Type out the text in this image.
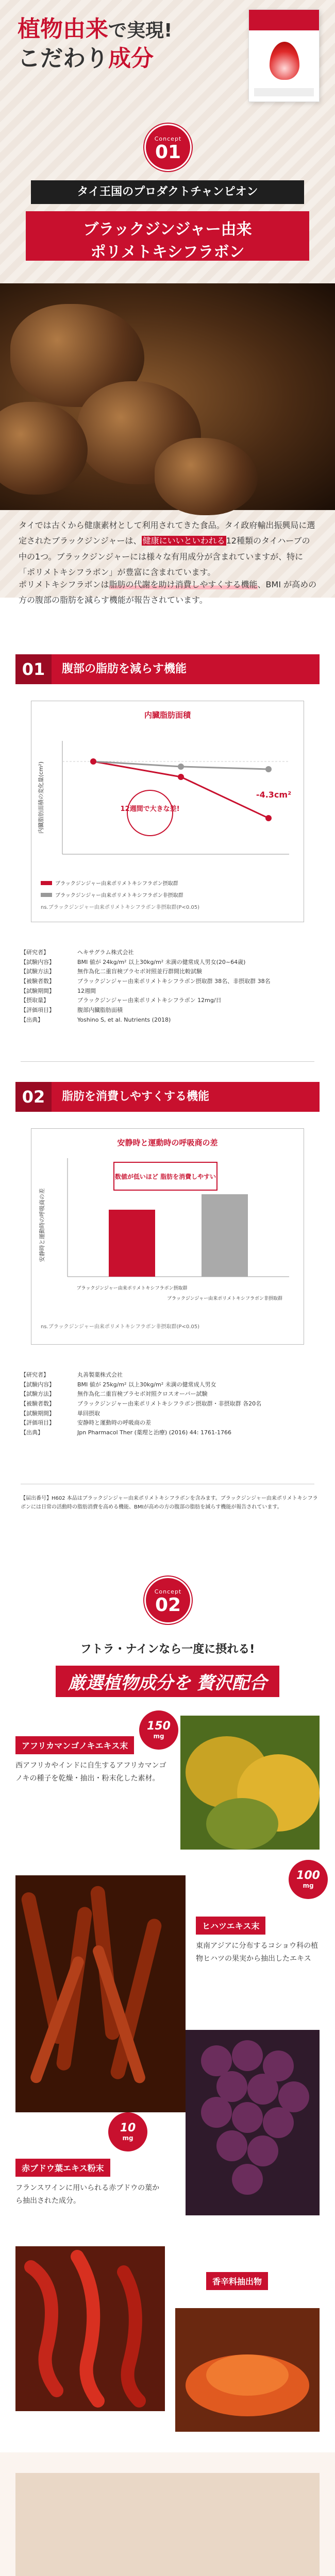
植物由来で実現!
こだわり成分
Concept
01
タイ王国のプロダクトチャンピオン
ブラックジンジャー由来
ポリメトキシフラボン

タイでは古くから健康素材として利用されてきた食品。タイ政府輸出振興局に選定されたブラックジンジャーは、 健康にいいといわれる 12種類のタイハーブの中の1つ。ブラックジンジャーには様々な有用成分が含まれていますが、特に「ポリメトキシフラボン」が豊富に含まれています。

ポリメトキシフラボンは脂肪の代謝を助け消費しやすくする機能、BMI が高めの方の腹部の脂肪を減らす機能が報告されています。

01	腹部の脂肪を減らす機能
内臓脂肪面積
内臓脂肪面積の変化量(cm²)	12週間で大きな差!
-4.3cm²
ブラックジンジャー由来ポリメトキシフラボン摂取群
ブラックジンジャー由来ポリメトキシフラボン非摂取群
ns.ブラックジンジャー由来ポリメトキシフラボン非摂取群(P<0.05)
【研究者】	ヘキサグラム株式会社
【試験内容】	BMI 値が 24kg/m² 以上30kg/m² 未満の健常成人男女(20~64歳)
【試験方法】	無作為化二重盲検プラセボ対照並行群間比較試験
【被験者数】	ブラックジンジャー由来ポリメトキシフラボン摂取群 38名、非摂取群 38名
【試験期間】	12週間
【摂取量】	ブラックジンジャー由来ポリメトキシフラボン 12mg/日
【評価項目】	腹部内臓脂肪面積
【出典】	Yoshino S, et al. Nutrients (2018)
02	脂肪を消費しやすくする機能
安静時と運動時の呼吸商の差
安静時と運動時の呼吸商の差
数値が低いほど 脂肪を消費しやすい
ブラックジンジャー由来ポリメトキシフラボン摂取群
ブラックジンジャー由来ポリメトキシフラボン非摂取群
ns.ブラックジンジャー由来ポリメトキシフラボン非摂取群(P<0.05)
【研究者】	丸善製薬株式会社
【試験内容】	BMI 値が 25kg/m² 以上30kg/m² 未満の健常成人男女
【試験方法】	無作為化二重盲検プラセボ対照クロスオーバー試験
【被験者数】	ブラックジンジャー由来ポリメトキシフラボン摂取群・非摂取群 各20名
【試験期間】	単回摂取
【評価項目】	安静時と運動時の呼吸商の差
【出典】	Jpn Pharmacol Ther (薬理と治療) (2016) 44: 1761-1766
【届出番号】H602 本品はブラックジンジャー由来ポリメトキシフラボンを含みます。ブラックジンジャー由来ポリメトキシフラボンには日常の活動時の脂肪消費を高める機能、BMIが高めの方の腹部の脂肪を減らす機能が報告されています。
Concept
02
フトラ・ナインなら一度に摂れる!
厳選植物成分を 贅沢配合
アフリカマンゴノキエキス末

西アフリカやインドに自生するアフリカマンゴノキの種子を乾燥・抽出・粉末化した素材。

150
mg
100
mg
ヒハツエキス末

東南アジアに分布するコショウ科の植物ヒハツの果実から抽出したエキス

10
mg
赤ブドウ葉エキス粉末

フランスワインに用いられる赤ブドウの葉から抽出された成分。

香辛料抽出物
